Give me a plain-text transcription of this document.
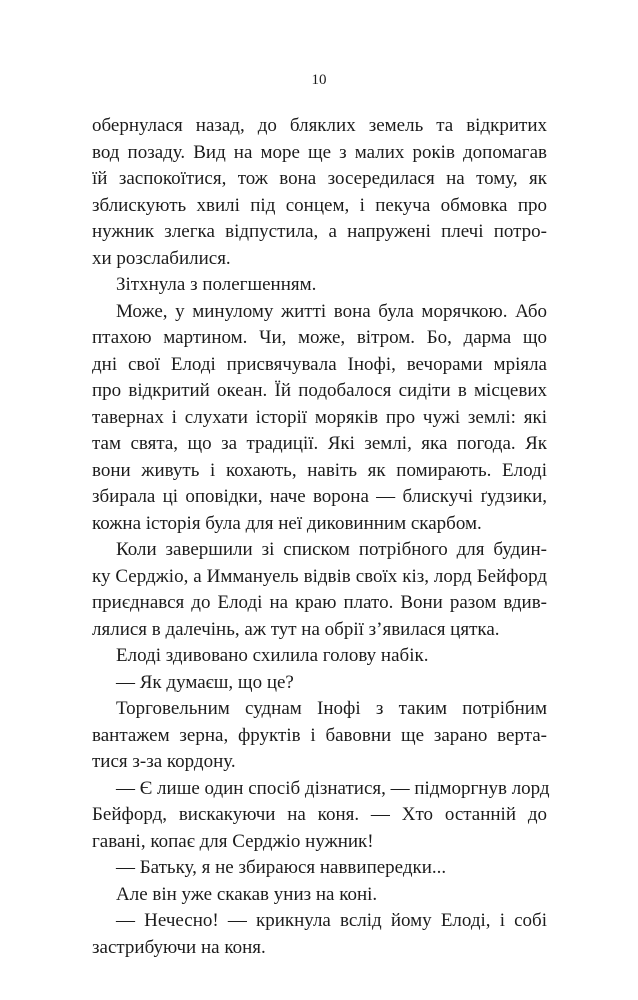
10
обернулася назад, до бляклих земель та відкритих
вод позаду. Вид на море ще з малих років допомагав
їй заспокоїтися, тож вона зосередилася на тому, як
зблискують хвилі під сонцем, і пекуча обмовка про
нужник злегка відпустила, а напружені плечі потро-
хи розслабилися.
Зітхнула з полегшенням.
Може, у минулому житті вона була морячкою. Або
птахою мартином. Чи, може, вітром. Бо, дарма що
дні свої Елоді присвячувала Інофі, вечорами мріяла
про відкритий океан. Їй подобалося сидіти в місцевих
тавернах і слухати історії моряків про чужі землі: які
там свята, що за традиції. Які землі, яка погода. Як
вони живуть і кохають, навіть як помирають. Елоді
збирала ці оповідки, наче ворона — блискучі ґудзики,
кожна історія була для неї диковинним скарбом.
Коли завершили зі списком потрібного для будин-
ку Серджіо, а Иммануель відвів своїх кіз, лорд Бейфорд
приєднався до Елоді на краю плато. Вони разом вдив-
лялися в далечінь, аж тут на обрії з’явилася цятка.
Елоді здивовано схилила голову набік.
— Як думаєш, що це?
Торговельним суднам Інофі з таким потрібним
вантажем зерна, фруктів і бавовни ще зарано верта-
тися з-за кордону.
— Є лише один спосіб дізнатися, — підморгнув лорд
Бейфорд, вискакуючи на коня. — Хто останній до
гавані, копає для Серджіо нужник!
— Батьку, я не збираюся наввипередки...
Але він уже скакав униз на коні.
— Нечесно! — крикнула вслід йому Елоді, і собі
застрибуючи на коня.
